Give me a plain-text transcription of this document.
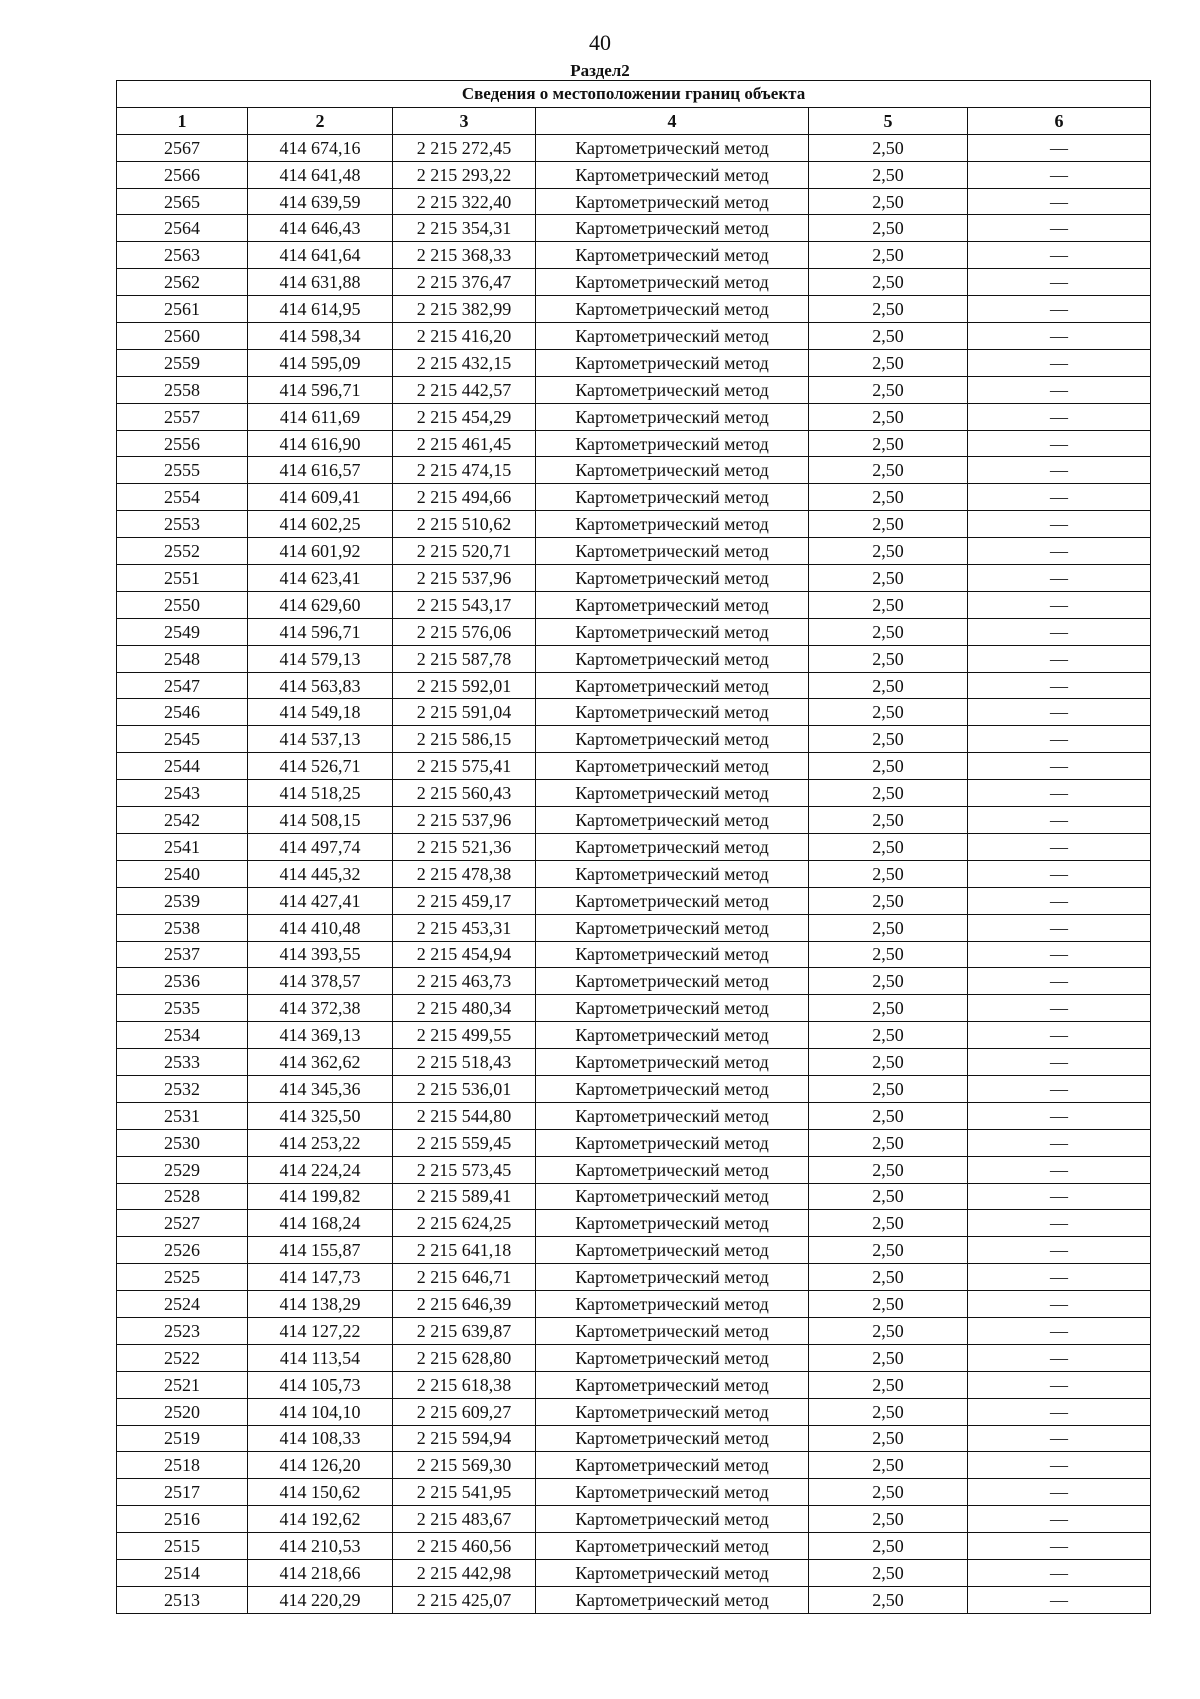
40
Раздел2
Сведения о местоположении границ объекта					
1	2	3	4	5	6
2567	414 674,16	2 215 272,45	Картометрический метод	2,50	—
2566	414 641,48	2 215 293,22	Картометрический метод	2,50	—
2565	414 639,59	2 215 322,40	Картометрический метод	2,50	—
2564	414 646,43	2 215 354,31	Картометрический метод	2,50	—
2563	414 641,64	2 215 368,33	Картометрический метод	2,50	—
2562	414 631,88	2 215 376,47	Картометрический метод	2,50	—
2561	414 614,95	2 215 382,99	Картометрический метод	2,50	—
2560	414 598,34	2 215 416,20	Картометрический метод	2,50	—
2559	414 595,09	2 215 432,15	Картометрический метод	2,50	—
2558	414 596,71	2 215 442,57	Картометрический метод	2,50	—
2557	414 611,69	2 215 454,29	Картометрический метод	2,50	—
2556	414 616,90	2 215 461,45	Картометрический метод	2,50	—
2555	414 616,57	2 215 474,15	Картометрический метод	2,50	—
2554	414 609,41	2 215 494,66	Картометрический метод	2,50	—
2553	414 602,25	2 215 510,62	Картометрический метод	2,50	—
2552	414 601,92	2 215 520,71	Картометрический метод	2,50	—
2551	414 623,41	2 215 537,96	Картометрический метод	2,50	—
2550	414 629,60	2 215 543,17	Картометрический метод	2,50	—
2549	414 596,71	2 215 576,06	Картометрический метод	2,50	—
2548	414 579,13	2 215 587,78	Картометрический метод	2,50	—
2547	414 563,83	2 215 592,01	Картометрический метод	2,50	—
2546	414 549,18	2 215 591,04	Картометрический метод	2,50	—
2545	414 537,13	2 215 586,15	Картометрический метод	2,50	—
2544	414 526,71	2 215 575,41	Картометрический метод	2,50	—
2543	414 518,25	2 215 560,43	Картометрический метод	2,50	—
2542	414 508,15	2 215 537,96	Картометрический метод	2,50	—
2541	414 497,74	2 215 521,36	Картометрический метод	2,50	—
2540	414 445,32	2 215 478,38	Картометрический метод	2,50	—
2539	414 427,41	2 215 459,17	Картометрический метод	2,50	—
2538	414 410,48	2 215 453,31	Картометрический метод	2,50	—
2537	414 393,55	2 215 454,94	Картометрический метод	2,50	—
2536	414 378,57	2 215 463,73	Картометрический метод	2,50	—
2535	414 372,38	2 215 480,34	Картометрический метод	2,50	—
2534	414 369,13	2 215 499,55	Картометрический метод	2,50	—
2533	414 362,62	2 215 518,43	Картометрический метод	2,50	—
2532	414 345,36	2 215 536,01	Картометрический метод	2,50	—
2531	414 325,50	2 215 544,80	Картометрический метод	2,50	—
2530	414 253,22	2 215 559,45	Картометрический метод	2,50	—
2529	414 224,24	2 215 573,45	Картометрический метод	2,50	—
2528	414 199,82	2 215 589,41	Картометрический метод	2,50	—
2527	414 168,24	2 215 624,25	Картометрический метод	2,50	—
2526	414 155,87	2 215 641,18	Картометрический метод	2,50	—
2525	414 147,73	2 215 646,71	Картометрический метод	2,50	—
2524	414 138,29	2 215 646,39	Картометрический метод	2,50	—
2523	414 127,22	2 215 639,87	Картометрический метод	2,50	—
2522	414 113,54	2 215 628,80	Картометрический метод	2,50	—
2521	414 105,73	2 215 618,38	Картометрический метод	2,50	—
2520	414 104,10	2 215 609,27	Картометрический метод	2,50	—
2519	414 108,33	2 215 594,94	Картометрический метод	2,50	—
2518	414 126,20	2 215 569,30	Картометрический метод	2,50	—
2517	414 150,62	2 215 541,95	Картометрический метод	2,50	—
2516	414 192,62	2 215 483,67	Картометрический метод	2,50	—
2515	414 210,53	2 215 460,56	Картометрический метод	2,50	—
2514	414 218,66	2 215 442,98	Картометрический метод	2,50	—
2513	414 220,29	2 215 425,07	Картометрический метод	2,50	—
